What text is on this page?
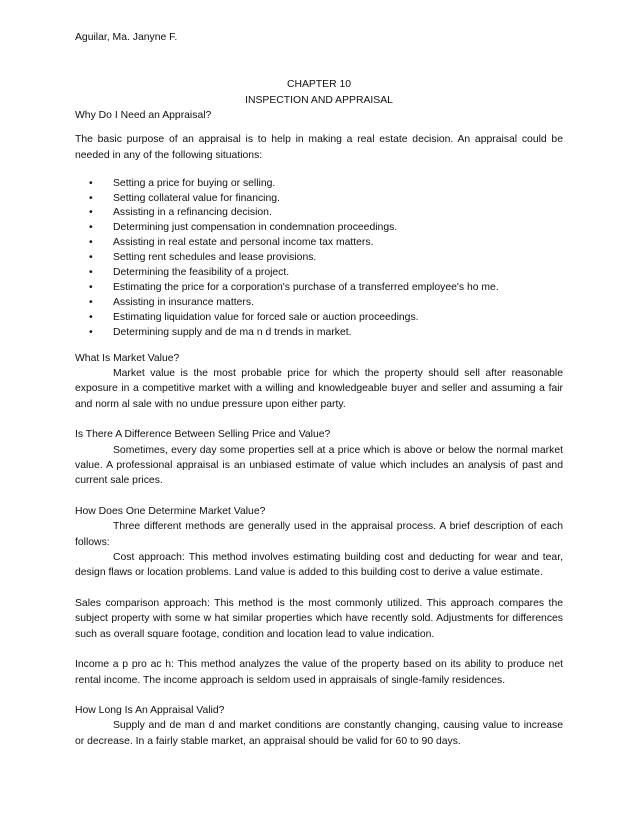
Aguilar, Ma. Janyne F.

CHAPTER 10

INSPECTION AND APPRAISAL

Why Do I Need an Appraisal?

The basic purpose of an appraisal is to help in making a real estate decision. An appraisal could be needed in any of the following situations:

• Setting a price for buying or selling.
• Setting collateral value for financing.
• Assisting in a refinancing decision.
• Determining just compensation in condemnation proceedings.
• Assisting in real estate and personal income tax matters.
• Setting rent schedules and lease provisions.
• Determining the feasibility of a project.
• Estimating the price for a corporation's purchase of a transferred employee's ho me.
• Assisting in insurance matters.
• Estimating liquidation value for forced sale or auction proceedings.
• Determining supply and de ma n d trends in market.

What Is Market Value?

Market value is the most probable price for which the property should sell after reasonable exposure in a competitive market with a willing and knowledgeable buyer and seller and assuming a fair and norm al sale with no undue pressure upon either party.

Is There A Difference Between Selling Price and Value?

Sometimes, every day some properties sell at a price which is above or below the normal market value. A professional appraisal is an unbiased estimate of value which includes an analysis of past and current sale prices.

How Does One Determine Market Value?

Three different methods are generally used in the appraisal process. A brief description of each follows:

Cost approach: This method involves estimating building cost and deducting for wear and tear, design flaws or location problems. Land value is added to this building cost to derive a value estimate.

Sales comparison approach: This method is the most commonly utilized. This approach compares the subject property with some w hat similar properties which have recently sold. Adjustments for differences such as overall square footage, condition and location lead to value indication.

Income a p pro ac h: This method analyzes the value of the property based on its ability to produce net rental income. The income approach is seldom used in appraisals of single-family residences.

How Long Is An Appraisal Valid?

Supply and de man d and market conditions are constantly changing, causing value to increase or decrease. In a fairly stable market, an appraisal should be valid for 60 to 90 days.
